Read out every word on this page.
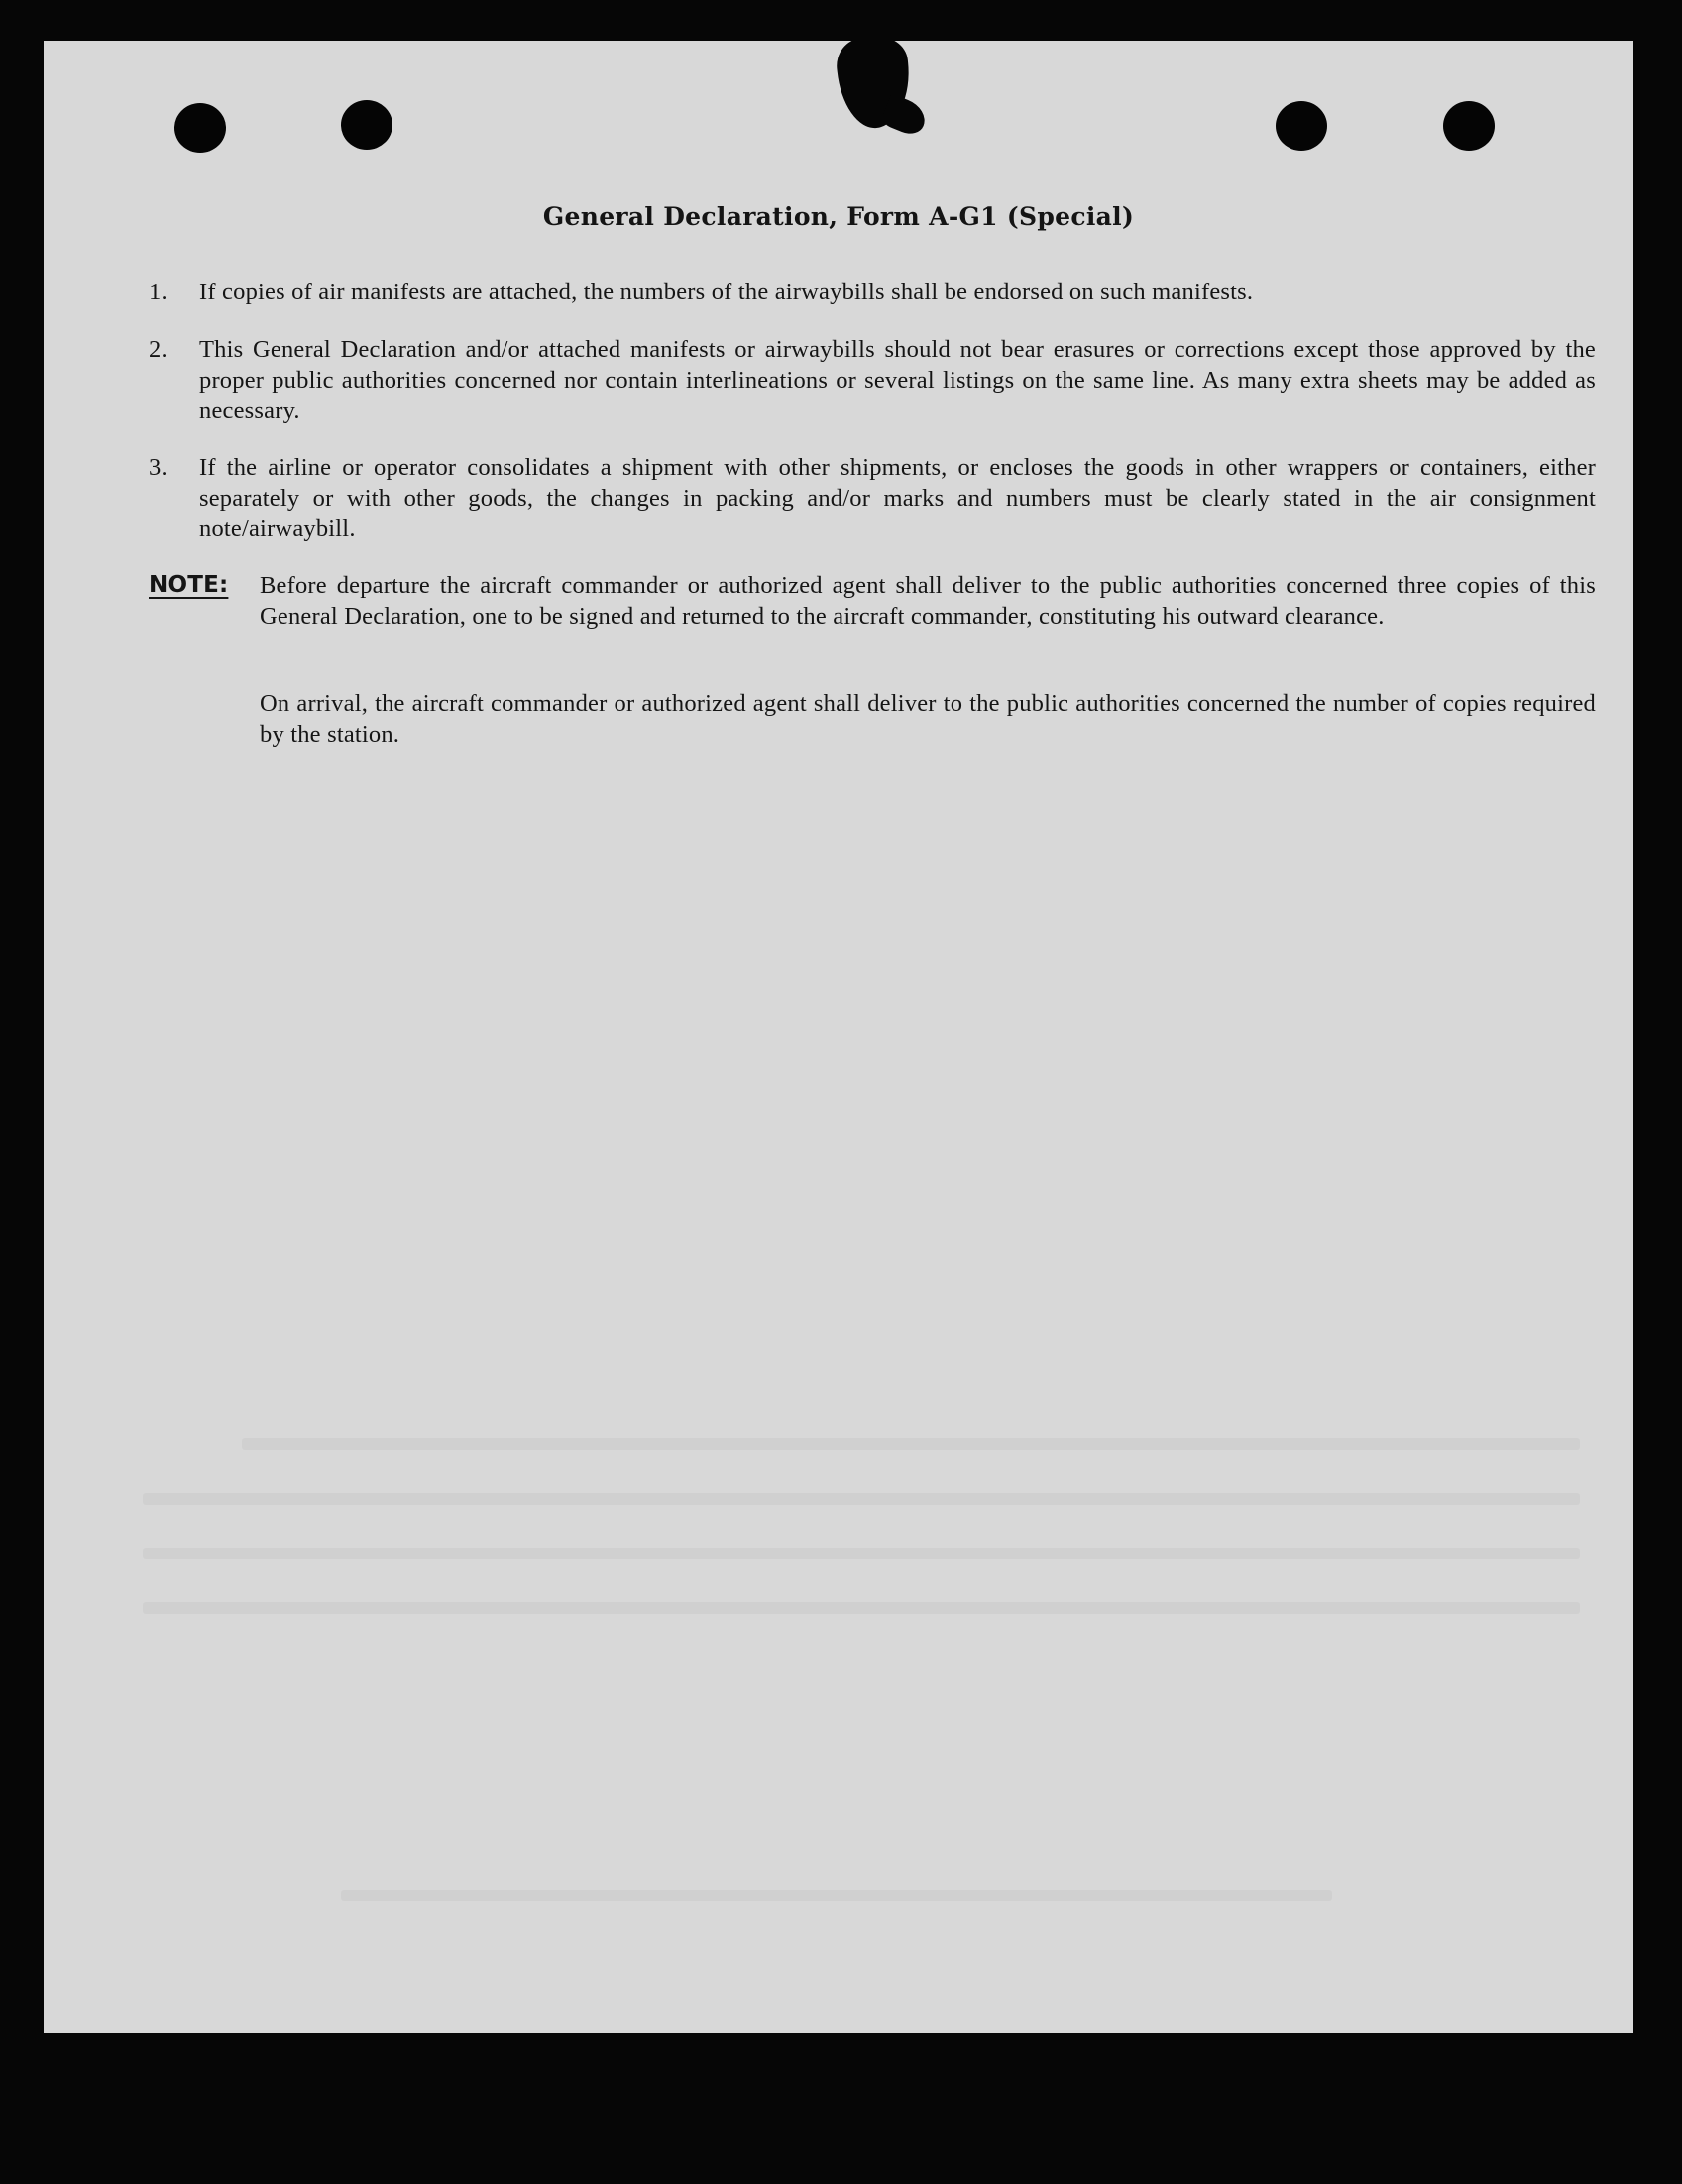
General Declaration, Form A-G1 (Special)
1.	If copies of air manifests are attached, the numbers of the airwaybills shall be endorsed on such manifests.
2.	This General Declaration and/or attached manifests or airwaybills should not bear erasures or corrections except those approved by the proper public authorities concerned nor contain interlineations or several listings on the same line. As many extra sheets may be added as necessary.
3.	If the airline or operator consolidates a shipment with other shipments, or encloses the goods in other wrappers or containers, either separately or with other goods, the changes in packing and/or marks and numbers must be clearly stated in the air consignment note/airwaybill.
NOTE: Before departure the aircraft commander or authorized agent shall deliver to the public authorities concerned three copies of this General Declaration, one to be signed and returned to the aircraft commander, constituting his outward clearance.
On arrival, the aircraft commander or authorized agent shall deliver to the public authorities concerned the number of copies required by the station.
